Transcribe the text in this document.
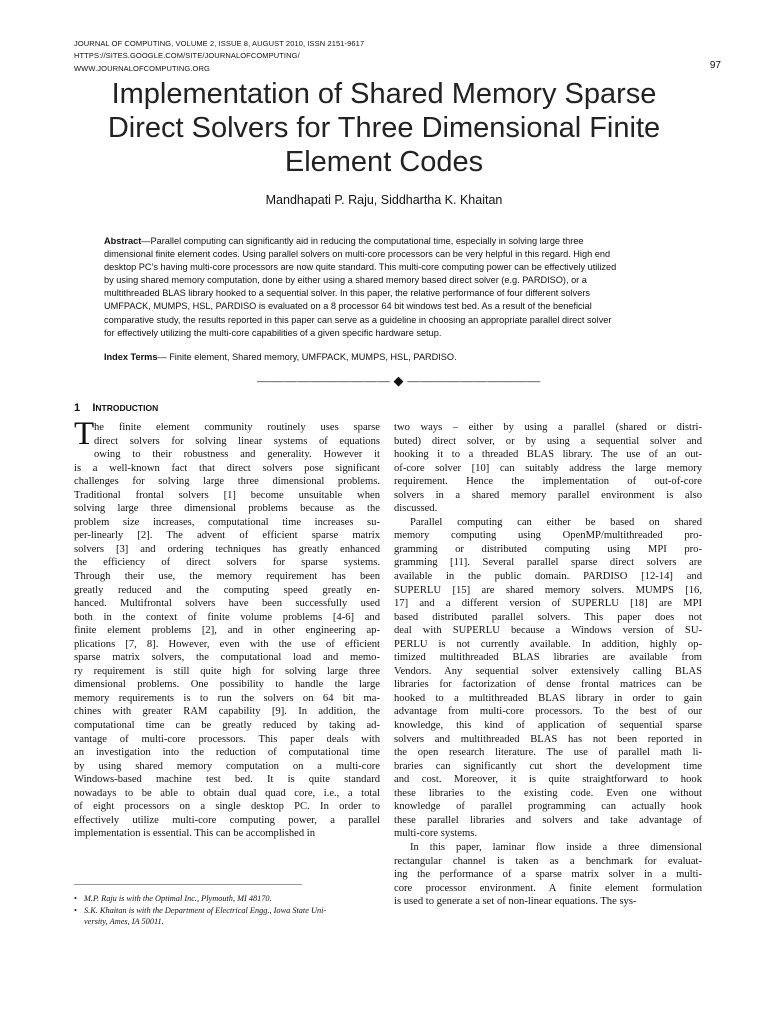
JOURNAL OF COMPUTING, VOLUME 2, ISSUE 8, AUGUST 2010, ISSN 2151-9617
HTTPS://SITES.GOOGLE.COM/SITE/JOURNALOFCOMPUTING/
WWW.JOURNALOFCOMPUTING.ORG	97
Implementation of Shared Memory Sparse
Direct Solvers for Three Dimensional Finite
Element Codes
Mandhapati P. Raju, Siddhartha K. Khaitan
Abstract—Parallel computing can significantly aid in reducing the computational time, especially in solving large three
dimensional finite element codes. Using parallel solvers on multi-core processors can be very helpful in this regard. High end
desktop PC’s having multi-core processors are now quite standard. This multi-core computing power can be effectively utilized
by using shared memory computation, done by either using a shared memory based direct solver (e.g. PARDISO), or a
multithreaded BLAS library hooked to a sequential solver. In this paper, the relative performance of four different solvers
UMFPACK, MUMPS, HSL, PARDISO is evaluated on a 8 processor 64 bit windows test bed. As a result of the beneficial
comparative study, the results reported in this paper can serve as a guideline in choosing an appropriate parallel direct solver
for effectively utilizing the multi-core capabilities of a given specific hardware setup.
Index Terms— Finite element, Shared memory, UMFPACK, MUMPS, HSL, PARDISO.
—————————— ◆ ——————————
1 INTRODUCTION
T he finite element community routinely uses sparse
direct solvers for solving linear systems of equations
owing to their robustness and generality. However it
is a well-known fact that direct solvers pose significant
challenges for solving large three dimensional problems.
Traditional frontal solvers [1] become unsuitable when
solving large three dimensional problems because as the
problem size increases, computational time increases su-
per-linearly [2]. The advent of efficient sparse matrix
solvers [3] and ordering techniques has greatly enhanced
the efficiency of direct solvers for sparse systems.
Through their use, the memory requirement has been
greatly reduced and the computing speed greatly en-
hanced. Multifrontal solvers have been successfully used
both in the context of finite volume problems [4-6] and
finite element problems [2], and in other engineering ap-
plications [7, 8]. However, even with the use of efficient
sparse matrix solvers, the computational load and memo-
ry requirement is still quite high for solving large three
dimensional problems. One possibility to handle the large
memory requirements is to run the solvers on 64 bit ma-
chines with greater RAM capability [9]. In addition, the
computational time can be greatly reduced by taking ad-
vantage of multi-core processors. This paper deals with
an investigation into the reduction of computational time
by using shared memory computation on a multi-core
Windows-based machine test bed. It is quite standard
nowadays to be able to obtain dual quad core, i.e., a total
of eight processors on a single desktop PC. In order to
effectively utilize multi-core computing power, a parallel
implementation is essential. This can be accomplished in
two ways – either by using a parallel (shared or distri-
buted) direct solver, or by using a sequential solver and
hooking it to a threaded BLAS library. The use of an out-
of-core solver [10] can suitably address the large memory
requirement. Hence the implementation of out-of-core
solvers in a shared memory parallel environment is also
discussed.
Parallel computing can either be based on shared
memory computing using OpenMP/multithreaded pro-
gramming or distributed computing using MPI pro-
gramming [11]. Several parallel sparse direct solvers are
available in the public domain. PARDISO [12-14] and
SUPERLU [15] are shared memory solvers. MUMPS [16,
17] and a different version of SUPERLU [18] are MPI
based distributed parallel solvers. This paper does not
deal with SUPERLU because a Windows version of SU-
PERLU is not currently available. In addition, highly op-
timized multithreaded BLAS libraries are available from
Vendors. Any sequential solver extensively calling BLAS
libraries for factorization of dense frontal matrices can be
hooked to a multithreaded BLAS library in order to gain
advantage from multi-core processors. To the best of our
knowledge, this kind of application of sequential sparse
solvers and multithreaded BLAS has not been reported in
the open research literature. The use of parallel math li-
braries can significantly cut short the development time
and cost. Moreover, it is quite straightforward to hook
these libraries to the existing code. Even one without
knowledge of parallel programming can actually hook
these parallel libraries and solvers and take advantage of
multi-core systems.
In this paper, laminar flow inside a three dimensional
rectangular channel is taken as a benchmark for evaluat-
ing the performance of a sparse matrix solver in a multi-
core processor environment. A finite element formulation
is used to generate a set of non-linear equations. The sys-
• M.P. Raju is with the Optimal Inc., Plymouth, MI 48170.
• S.K. Khaitan is with the Department of Electrical Engg., Iowa State Uni-
versity, Ames, IA 50011.
